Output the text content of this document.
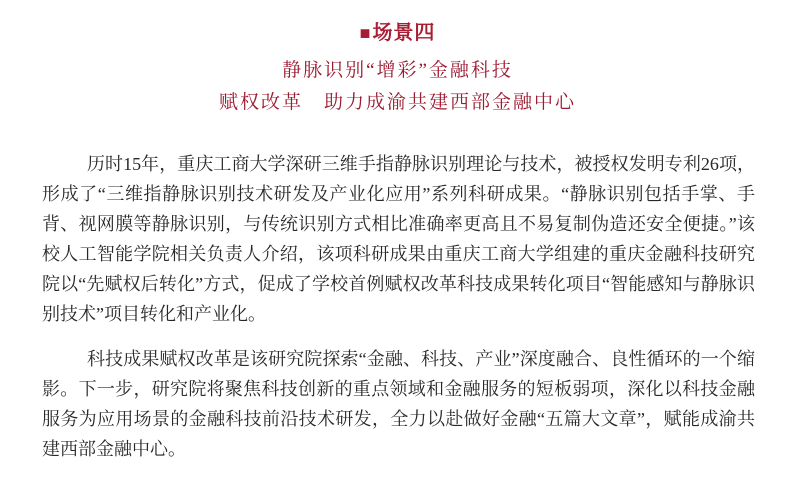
■场景四
静脉识别“增彩”金融科技
赋权改革　助力成渝共建西部金融中心

历时15年，重庆工商大学深研三维手指静脉识别理论与技术，被授权发明专利26项，形成了“三维指静脉识别技术研发及产业化应用”系列科研成果。“静脉识别包括手掌、手背、视网膜等静脉识别，与传统识别方式相比准确率更高且不易复制伪造还安全便捷。”该校人工智能学院相关负责人介绍，该项科研成果由重庆工商大学组建的重庆金融科技研究院以“先赋权后转化”方式，促成了学校首例赋权改革科技成果转化项目“智能感知与静脉识别技术”项目转化和产业化。

科技成果赋权改革是该研究院探索“金融、科技、产业”深度融合、良性循环的一个缩影。下一步，研究院将聚焦科技创新的重点领域和金融服务的短板弱项，深化以科技金融服务为应用场景的金融科技前沿技术研发，全力以赴做好金融“五篇大文章”，赋能成渝共建西部金融中心。
